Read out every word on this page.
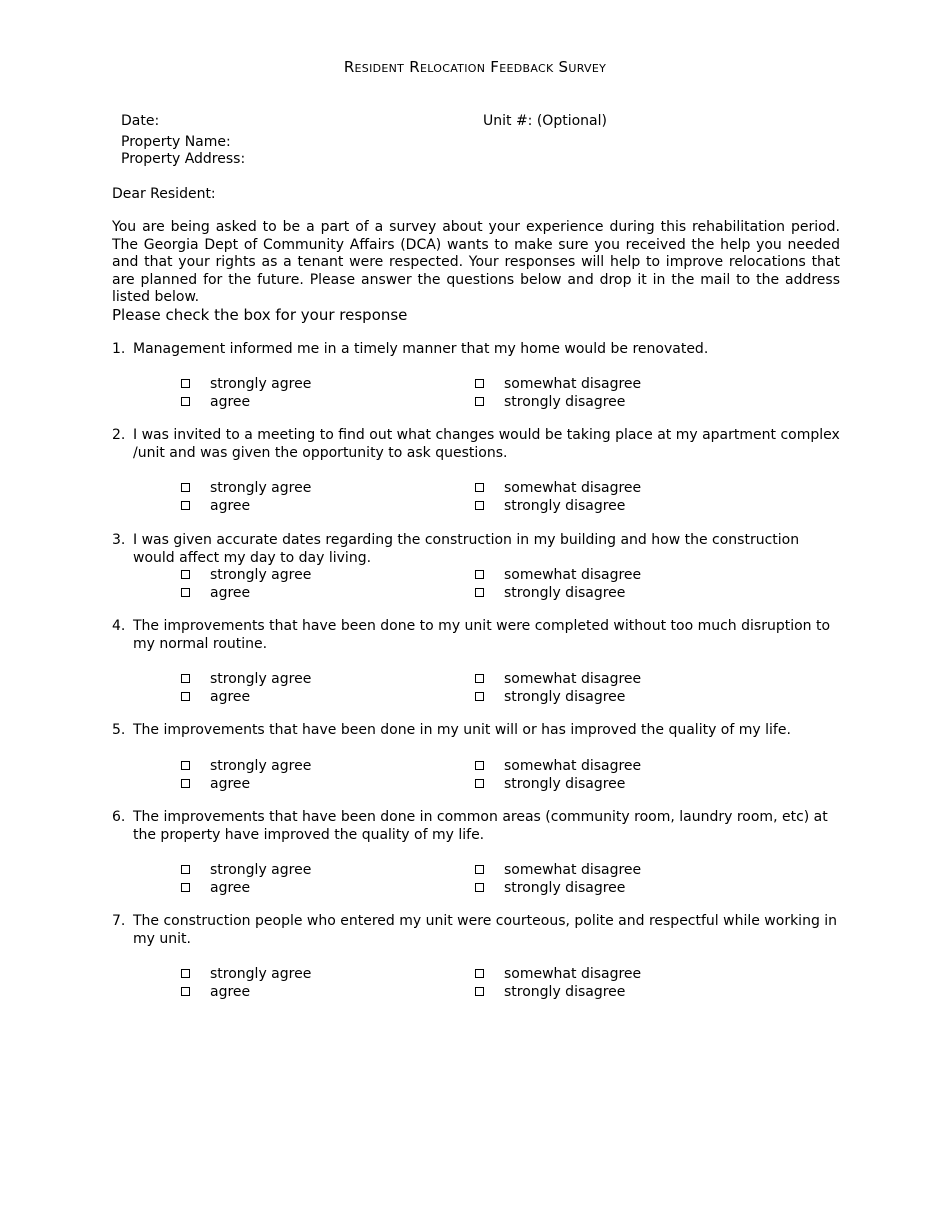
Resident Relocation Feedback Survey
Date:	Unit #: (Optional)
Property Name:
Property Address:
Dear Resident:
You are being asked to be a part of a survey about your experience during this rehabilitation period. The Georgia Dept of Community Affairs (DCA) wants to make sure you received the help you needed and that your rights as a tenant were respected. Your responses will help to improve relocations that are planned for the future. Please answer the questions below and drop it in the mail to the address listed below.
Please check the box for your response
1. Management informed me in a timely manner that my home would be renovated.
strongly agree
agree
somewhat disagree
strongly disagree
2. I was invited to a meeting to find out what changes would be taking place at my apartment complex /unit and was given the opportunity to ask questions.
strongly agree
agree
somewhat disagree
strongly disagree
3. I was given accurate dates regarding the construction in my building and how the construction would affect my day to day living.
strongly agree
agree
somewhat disagree
strongly disagree
4. The improvements that have been done to my unit were completed without too much disruption to my normal routine.
strongly agree
agree
somewhat disagree
strongly disagree
5. The improvements that have been done in my unit will or has improved the quality of my life.
strongly agree
agree
somewhat disagree
strongly disagree
6. The improvements that have been done in common areas (community room, laundry room, etc) at the property have improved the quality of my life.
strongly agree
agree
somewhat disagree
strongly disagree
7. The construction people who entered my unit were courteous, polite and respectful while working in my unit.
strongly agree
agree
somewhat disagree
strongly disagree
